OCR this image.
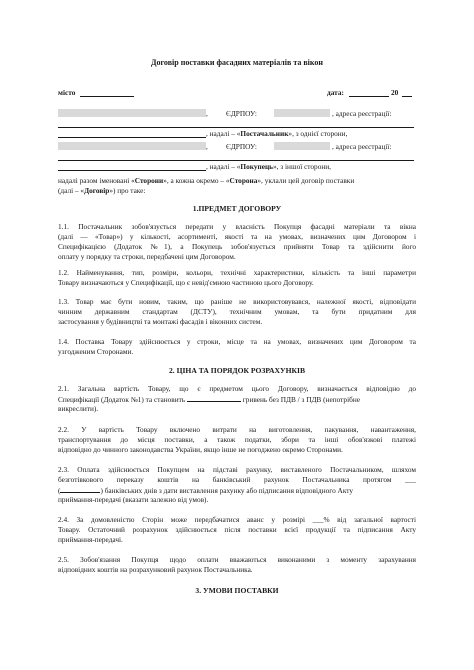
Договір поставки фасадних матеріалів та вікон
місто	дата:	20
, ЄДРПОУ:	, адреса реєстрації:
, надалі – «Постачальник», з однієї сторони,
, ЄДРПОУ:	, адреса реєстрації:
, надалі – «Покупець», з іншої сторони,
надалі разом іменовані «Сторони», а кожна окремо – «Сторона», уклали цей договір поставки
(далі – «Договір») про таке:
1.ПРЕДМЕТ ДОГОВОРУ
1.1. Постачальник зобов'язується передати у власність Покупця фасадні матеріали та вікна
(далі — «Товар») у кількості, асортименті, якості та на умовах, визначених цим Договором і
Специфікацією (Додаток №1), а Покупець зобов'язується прийняти Товар та здійснити його
оплату у порядку та строки, передбачені цим Договором.
1.2. Найменування, тип, розміри, кольори, технічні характеристики, кількість та інші параметри
Товару визначаються у Специфікації, що є невід'ємною частиною цього Договору.
1.3. Товар має бути новим, таким, що раніше не використовувався, належної якості, відповідати
чинним державним стандартам (ДСТУ), технічним умовам, та бути придатним для
застосування у будівництві та монтажі фасадів і віконних систем.
1.4. Поставка Товару здійснюється у строки, місце та на умовах, визначених цим Договором та
узгодженим Сторонами.
2. ЦІНА ТА ПОРЯДОК РОЗРАХУНКІВ
2.1. Загальна вартість Товару, що є предметом цього Договору, визначається відповідно до
Специфікації (Додаток №1) та становить	гривень без ПДВ / з ПДВ (непотрібне
викреслити).
2.2. У вартість Товару включено витрати на виготовлення, пакування, навантаження,
транспортування до місця поставки, а також податки, збори та інші обов'язкові платежі
відповідно до чинного законодавства України, якщо інше не погоджено окремо Сторонами.
2.3. Оплата здійснюється Покупцем на підставі рахунку, виставленого Постачальником, шляхом
безготівкового переказу коштів на банківський рахунок Постачальника протягом ___
(	) банківських днів з дати виставлення рахунку або підписання відповідного Акту
приймання-передачі (вказати залежно від умов).
2.4. За домовленістю Сторін може передбачатися аванс у розмірі ___% від загальної вартості
Товару. Остаточний розрахунок здійснюється після поставки всієї продукції та підписання Акту
приймання-передачі.
2.5. Зобов'язання Покупця щодо оплати вважаються виконаними з моменту зарахування
відповідних коштів на розрахунковий рахунок Постачальника.
3. УМОВИ ПОСТАВКИ
